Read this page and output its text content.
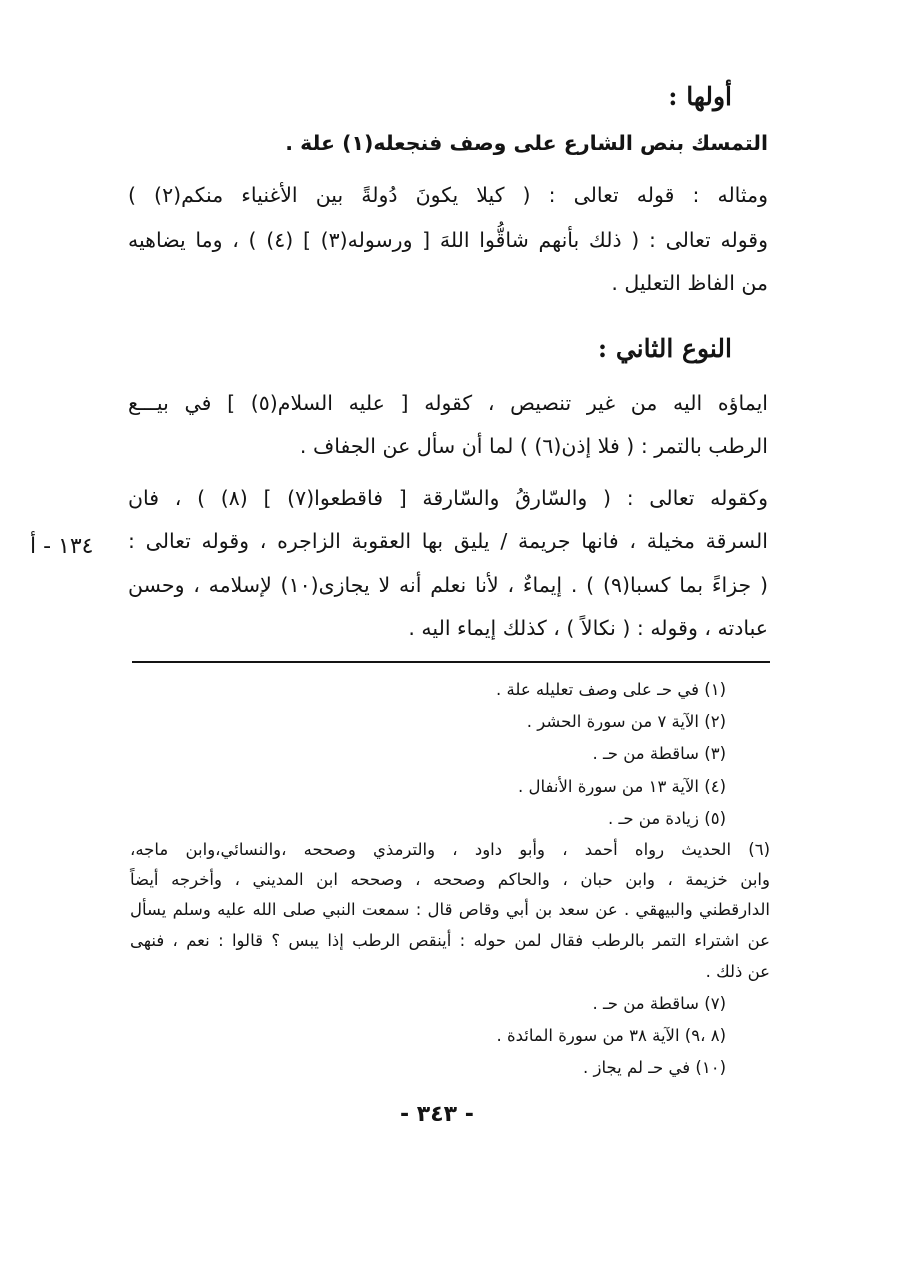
أولها :
التمسك بنص الشارع على وصف فنجعله(١) علة .
ومثاله : قوله تعالى : ( كيلا يكونَ دُولةً بين الأغنياء منكم(٢) )
وقوله تعالى : ( ذلك بأنهم شاقُّوا اللهَ [ ورسوله(٣) ] (٤) ) ، وما يضاهيه
من الفاظ التعليل .
النوع الثاني :
ايماؤه اليه من غير تنصيص ، كقوله [ عليه السلام(٥) ] في بيـــع
الرطب بالتمر : ( فلا إذن(٦) ) لما أن سأل عن الجفاف .
وكقوله تعالى : ( والسّارقُ والسّارقة [ فاقطعوا(٧) ] (٨) ) ، فان
السرقة مخيلة ، فانها جريمة / يليق بها العقوبة الزاجره ، وقوله تعالى :
( جزاءً بما كسبا(٩) ) . إيماءٌ ، لأنا نعلم أنه لا يجازى(١٠) لإسلامه ، وحسن
عبادته ، وقوله : ( نكالاً ) ، كذلك إيماء اليه .
١٣٤ - أ
(١) في حـ على وصف تعليله علة .
(٢) الآية ٧ من سورة الحشر .
(٣) ساقطة من حـ .
(٤) الآية ١٣ من سورة الأنفال .
(٥) زيادة من حـ .
(٦) الحديث رواه أحمد ، وأبو داود ، والترمذي وصححه ،والنسائي،وابن ماجه،
وابن خزيمة ، وابن حبان ، والحاكم وصححه ، وصححه ابن المديني ، وأخرجه أيضاً
الدارقطني والبيهقي . عن سعد بن أبي وقاص قال : سمعت النبي صلى الله عليه وسلم يسأل
عن اشتراء التمر بالرطب فقال لمن حوله : أينقص الرطب إذا يبس ؟ قالوا : نعم ، فنهى
عن ذلك .
(٧) ساقطة من حـ .
(٨ ،٩) الآية ٣٨ من سورة المائدة .
(١٠) في حـ لم يجاز .
- ٣٤٣ -
